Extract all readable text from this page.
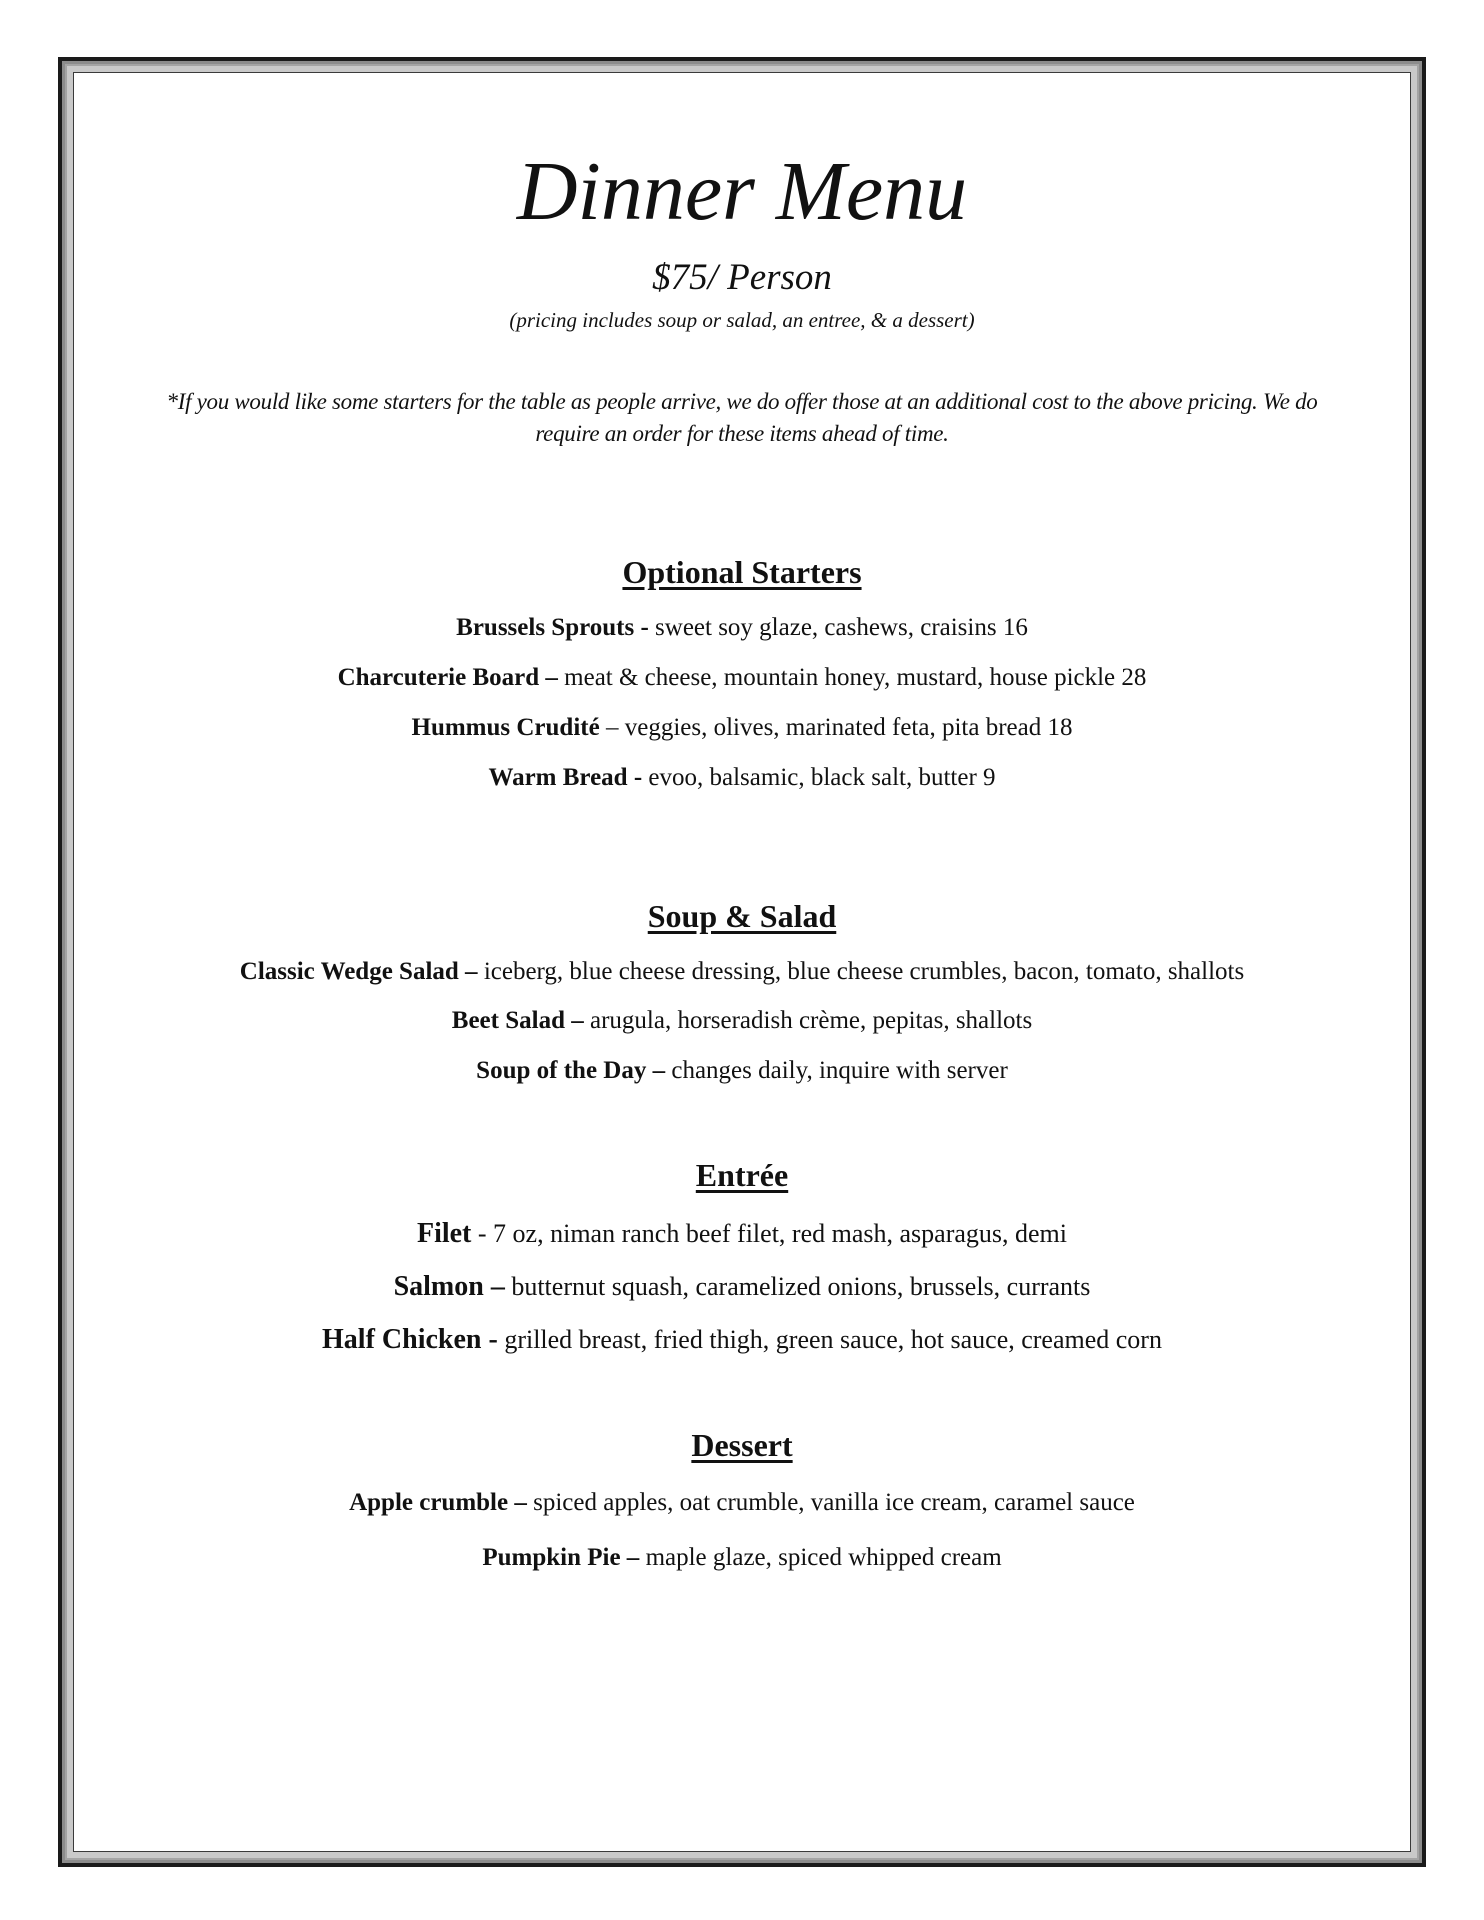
Dinner Menu
$75/ Person
(pricing includes soup or salad, an entree, & a dessert)
*If you would like some starters for the table as people arrive, we do offer those at an additional cost to the above pricing. We do require an order for these items ahead of time.
Optional Starters
Brussels Sprouts - sweet soy glaze, cashews, craisins 16
Charcuterie Board – meat & cheese, mountain honey, mustard, house pickle 28
Hummus Crudité – veggies, olives, marinated feta, pita bread 18
Warm Bread - evoo, balsamic, black salt, butter 9
Soup & Salad
Classic Wedge Salad – iceberg, blue cheese dressing, blue cheese crumbles, bacon, tomato, shallots
Beet Salad – arugula, horseradish crème, pepitas, shallots
Soup of the Day – changes daily, inquire with server
Entrée
Filet - 7 oz, niman ranch beef filet, red mash, asparagus, demi
Salmon – butternut squash, caramelized onions, brussels, currants
Half Chicken - grilled breast, fried thigh, green sauce, hot sauce, creamed corn
Dessert
Apple crumble – spiced apples, oat crumble, vanilla ice cream, caramel sauce
Pumpkin Pie – maple glaze, spiced whipped cream
